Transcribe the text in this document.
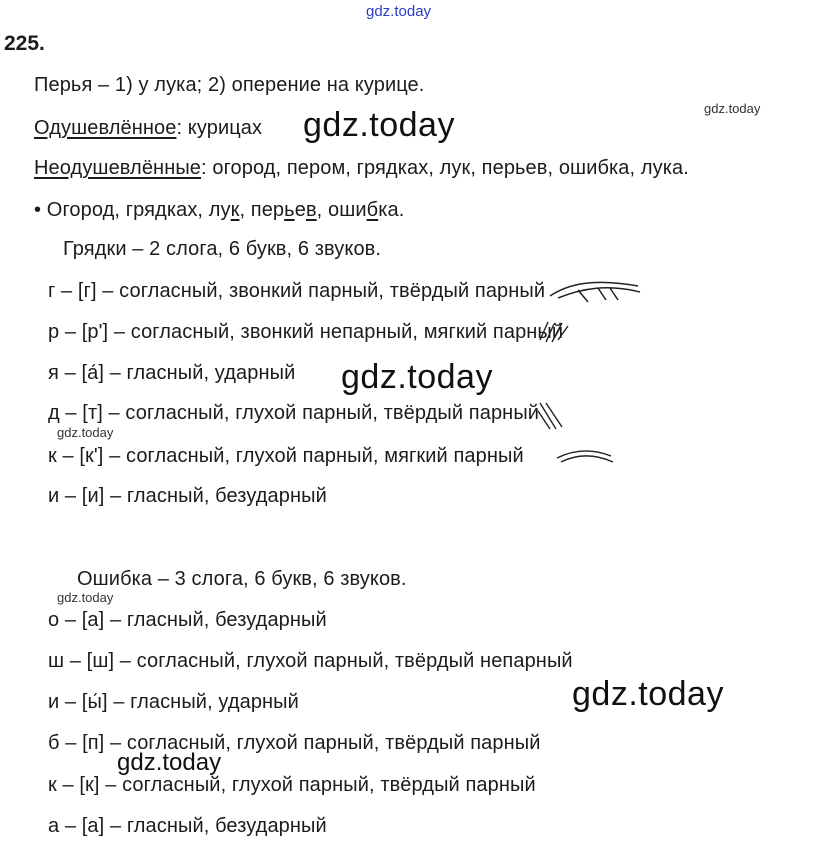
gdz.today
225.
Перья – 1) у лука; 2) оперение на курице.
Одушевлённое: курицах
Неодушевлённые: огород, пером, грядках, лук, перьев, ошибка, лука.
• Огород, грядках, лук, перьев, ошибка.
Грядки – 2 слога, 6 букв, 6 звуков.
г – [г] – согласный, звонкий парный, твёрдый парный
р – [р'] – согласный, звонкий непарный, мягкий парный
я – [а́] – гласный, ударный
д – [т] – согласный, глухой парный, твёрдый парный
к – [к'] – согласный, глухой парный, мягкий парный
и – [и] – гласный, безударный
Ошибка – 3 слога, 6 букв, 6 звуков.
о – [а] – гласный, безударный
ш – [ш] – согласный, глухой парный, твёрдый непарный
и – [ы́] – гласный, ударный
б – [п] – согласный, глухой парный, твёрдый парный
к – [к] – согласный, глухой парный, твёрдый парный
а – [а] – гласный, безударный
gdz.today	gdz.today
gdz.today
gdz.today
gdz.today
gdz.today
gdz.today
